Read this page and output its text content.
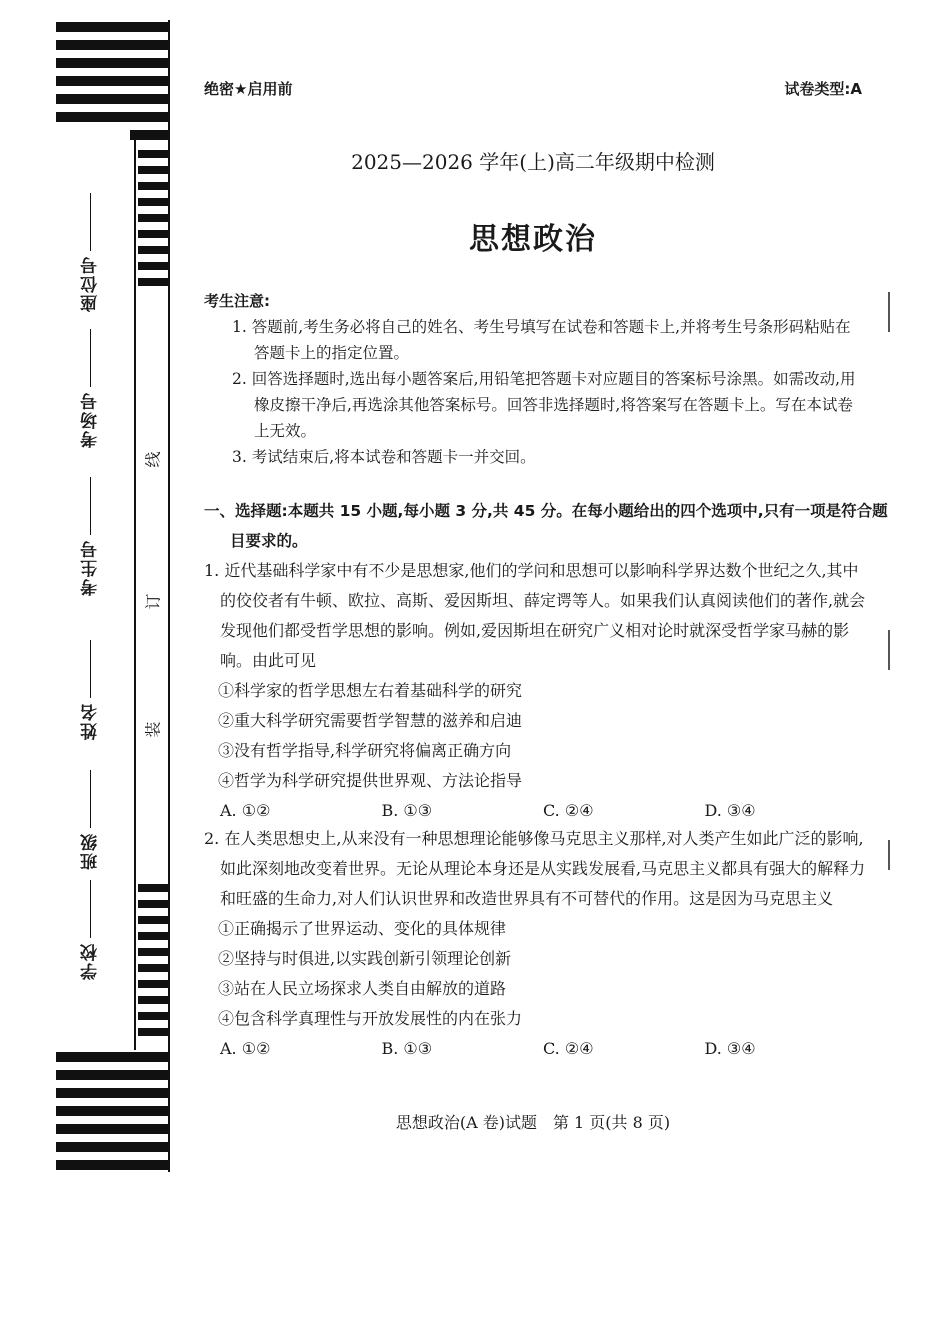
座位号
考场号
考生号
姓名
班级
学校
线
订
装
绝密★启用前	试卷类型:A
2025—2026 学年(上)高二年级期中检测
思想政治
考生注意:

1. 答题前,考生务必将自己的姓名、考生号填写在试卷和答题卡上,并将考生号条形码粘贴在答题卡上的指定位置。

2. 回答选择题时,选出每小题答案后,用铅笔把答题卡对应题目的答案标号涂黑。如需改动,用橡皮擦干净后,再选涂其他答案标号。回答非选择题时,将答案写在答题卡上。写在本试卷上无效。

3. 考试结束后,将本试卷和答题卡一并交回。

一、选择题:本题共 15 小题,每小题 3 分,共 45 分。在每小题给出的四个选项中,只有一项是符合题目要求的。

1. 近代基础科学家中有不少是思想家,他们的学问和思想可以影响科学界达数个世纪之久,其中的佼佼者有牛顿、欧拉、高斯、爱因斯坦、薛定谔等人。如果我们认真阅读他们的著作,就会发现他们都受哲学思想的影响。例如,爱因斯坦在研究广义相对论时就深受哲学家马赫的影响。由此可见

①科学家的哲学思想左右着基础科学的研究

②重大科学研究需要哲学智慧的滋养和启迪

③没有哲学指导,科学研究将偏离正确方向

④哲学为科学研究提供世界观、方法论指导

A. ①②	B. ①③	C. ②④	D. ③④

2. 在人类思想史上,从来没有一种思想理论能够像马克思主义那样,对人类产生如此广泛的影响,如此深刻地改变着世界。无论从理论本身还是从实践发展看,马克思主义都具有强大的解释力和旺盛的生命力,对人们认识世界和改造世界具有不可替代的作用。这是因为马克思主义

①正确揭示了世界运动、变化的具体规律

②坚持与时俱进,以实践创新引领理论创新

③站在人民立场探求人类自由解放的道路

④包含科学真理性与开放发展性的内在张力

A. ①②	B. ①③	C. ②④	D. ③④
思想政治(A 卷)试题　第 1 页(共 8 页)
